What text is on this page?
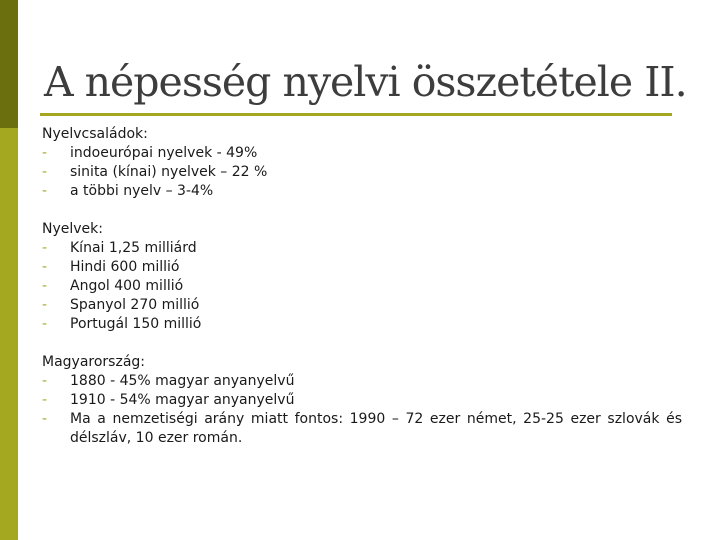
A népesség nyelvi összetétele II.

Nyelvcsaládok:

- indoeurópai nyelvek - 49%
- sinita (kínai) nyelvek – 22 %
- a többi nyelv – 3-4%

Nyelvek:

- Kínai 1,25 milliárd
- Hindi 600 millió
- Angol 400 millió
- Spanyol 270 millió
- Portugál 150 millió

Magyarország:

- 1880 - 45% magyar anyanyelvű
- 1910 - 54% magyar anyanyelvű
- Ma a nemzetiségi arány miatt fontos: 1990 – 72 ezer német, 25-25 ezer szlovák és délszláv, 10 ezer román.
